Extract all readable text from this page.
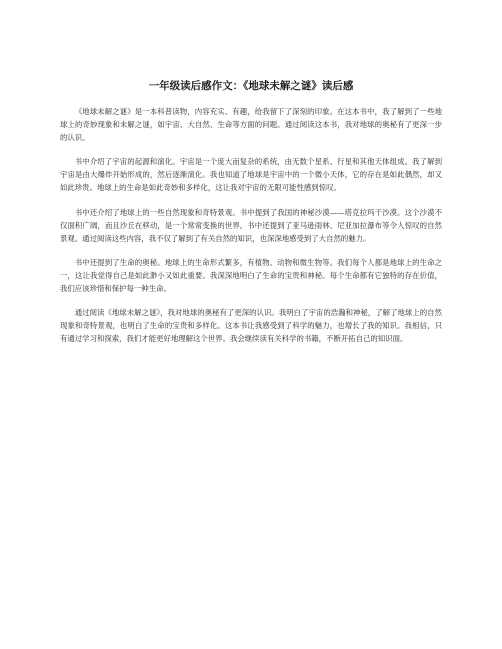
一年级读后感作文：《地球未解之谜》读后感

《地球未解之谜》是一本科普读物，内容充实、有趣，给我留下了深刻的印象。在这本书中，我了解到了一些地球上的奇妙现象和未解之谜，如宇宙、大自然、生命等方面的问题。通过阅读这本书，我对地球的奥秘有了更深一步的认识。

书中介绍了宇宙的起源和演化。宇宙是一个庞大而复杂的系统，由无数个星系、行星和其他天体组成。我了解到宇宙是由大爆炸开始形成的，然后逐渐演化。我也知道了地球是宇宙中的一个微小天体，它的存在是如此偶然，却又如此珍贵。地球上的生命是如此奇妙和多样化，这让我对宇宙的无限可能性感到惊叹。

书中还介绍了地球上的一些自然现象和奇特景观。书中提到了我国的神秘沙漠——塔克拉玛干沙漠。这个沙漠不仅面积广阔，而且沙丘在移动，是一个常常变换的世界。书中还提到了亚马逊雨林、尼亚加拉瀑布等令人惊叹的自然景观。通过阅读这些内容，我不仅了解到了有关自然的知识，也深深地感受到了大自然的魅力。

书中还提到了生命的奥秘。地球上的生命形式繁多，有植物、动物和微生物等。我们每个人都是地球上的生命之一，这让我觉得自己是如此渺小又如此重要。我深深地明白了生命的宝贵和神秘。每个生命都有它独特的存在价值，我们应该珍惜和保护每一种生命。

通过阅读《地球未解之谜》，我对地球的奥秘有了更深的认识。我明白了宇宙的浩瀚和神秘，了解了地球上的自然现象和奇特景观，也明白了生命的宝贵和多样化。这本书让我感受到了科学的魅力，也增长了我的知识。我相信，只有通过学习和探索，我们才能更好地理解这个世界。我会继续读有关科学的书籍，不断开拓自己的知识面。
